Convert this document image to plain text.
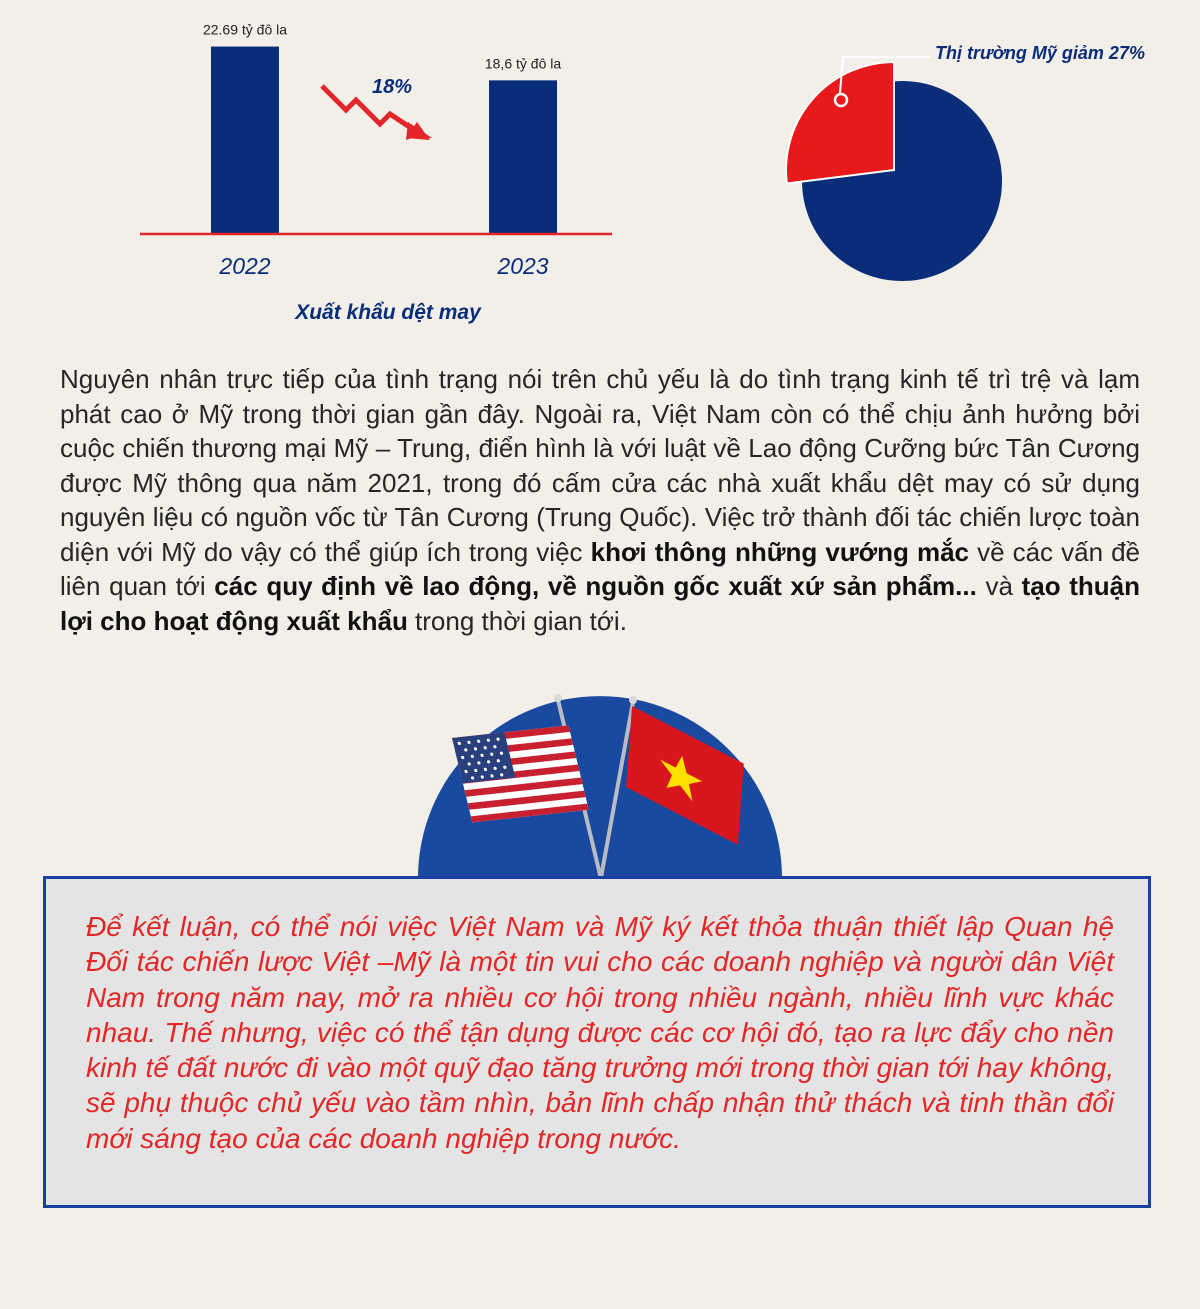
22.69 tỷ đô la
2022
18,6 tỷ đô la
2023
18%
Xuất khẩu dệt may
Thị trường Mỹ giảm 27%

Nguyên nhân trực tiếp của tình trạng nói trên chủ yếu là do tình trạng kinh tế trì trệ và lạm phát cao ở Mỹ trong thời gian gần đây. Ngoài ra, Việt Nam còn có thể chịu ảnh hưởng bởi cuộc chiến thương mại Mỹ – Trung, điển hình là với luật về Lao động Cưỡng bức Tân Cương được Mỹ thông qua năm 2021, trong đó cấm cửa các nhà xuất khẩu dệt may có sử dụng nguyên liệu có nguồn vốc từ Tân Cương (Trung Quốc). Việc trở thành đối tác chiến lược toàn diện với Mỹ do vậy có thể giúp ích trong việc khơi thông những vướng mắc về các vấn đề liên quan tới các quy định về lao động, về nguồn gốc xuất xứ sản phẩm... và tạo thuận lợi cho hoạt động xuất khẩu trong thời gian tới.

Để kết luận, có thể nói việc Việt Nam và Mỹ ký kết thỏa thuận thiết lập Quan hệ Đối tác chiến lược Việt –Mỹ là một tin vui cho các doanh nghiệp và người dân Việt Nam trong năm nay, mở ra nhiều cơ hội trong nhiều ngành, nhiều lĩnh vực khác nhau. Thế nhưng, việc có thể tận dụng được các cơ hội đó, tạo ra lực đẩy cho nền kinh tế đất nước đi vào một quỹ đạo tăng trưởng mới trong thời gian tới hay không, sẽ phụ thuộc chủ yếu vào tầm nhìn, bản lĩnh chấp nhận thử thách và tinh thần đổi mới sáng tạo của các doanh nghiệp trong nước.
